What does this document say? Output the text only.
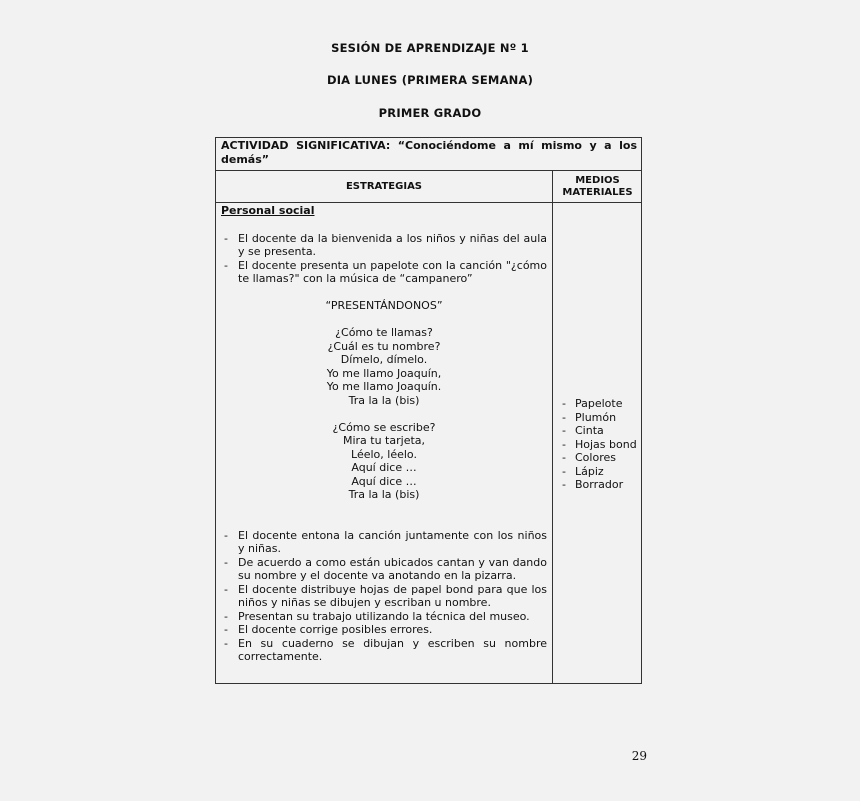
SESIÓN DE APRENDIZAJE Nº 1
DIA LUNES (PRIMERA SEMANA)
PRIMER GRADO
ACTIVIDAD SIGNIFICATIVA: “Conociéndome a mí mismo y a los demás”
ESTRATEGIAS
MEDIOS MATERIALES
Personal social
- El docente da la bienvenida a los niños y niñas del aula y se presenta.
- El docente presenta un papelote con la canción "¿cómo te llamas?" con la música de “campanero”
“PRESENTÁNDONOS”
¿Cómo te llamas?
¿Cuál es tu nombre?
Dímelo, dímelo.
Yo me llamo Joaquín,
Yo me llamo Joaquín.
Tra la la (bis)
¿Cómo se escribe?
Mira tu tarjeta,
Léelo, léelo.
Aquí dice …
Aquí dice …
Tra la la (bis)
- El docente entona la canción juntamente con los niños y niñas.
- De acuerdo a como están ubicados cantan y van dando su nombre y el docente va anotando en la pizarra.
- El docente distribuye hojas de papel bond para que los niños y niñas se dibujen y escriban u nombre.
- Presentan su trabajo utilizando la técnica del museo.
- El docente corrige posibles errores.
- En su cuaderno se dibujan y escriben su nombre correctamente.
- Papelote
- Plumón
- Cinta
- Hojas bond
- Colores
- Lápiz
- Borrador
29
